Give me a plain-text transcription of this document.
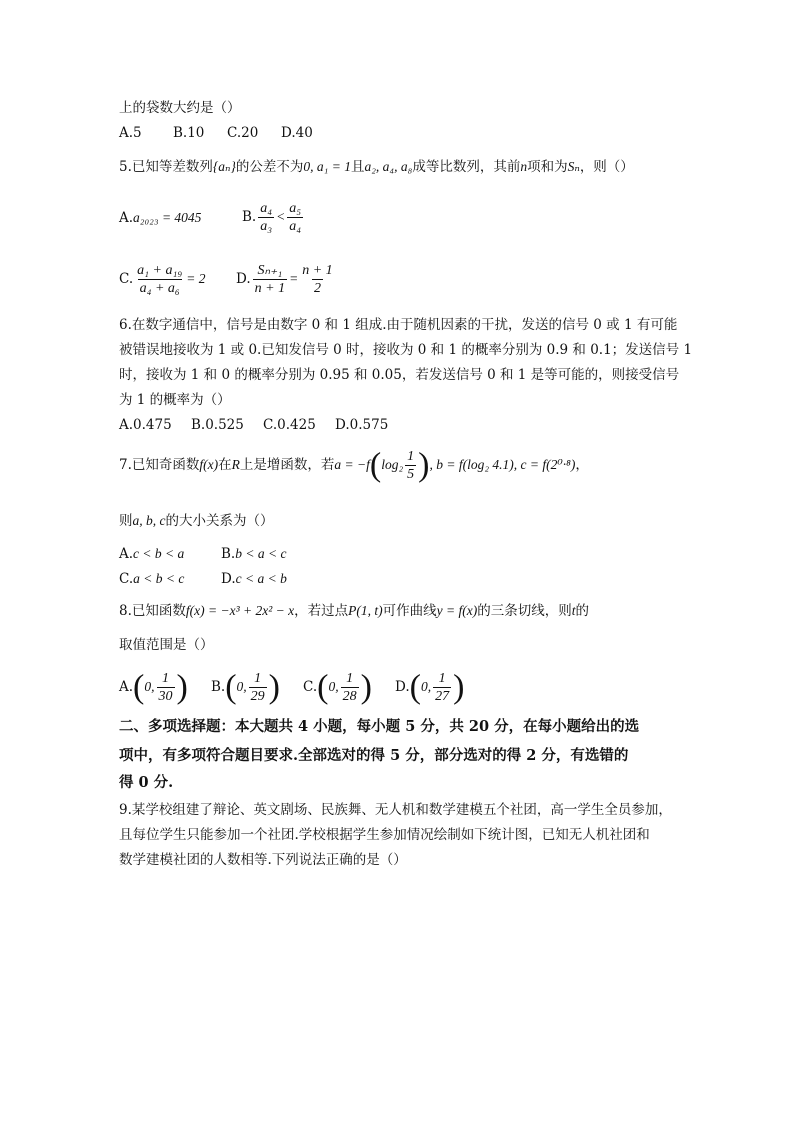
上的袋数大约是（）
A.5 B.10 C.20 D.40
5.已知等差数列{aₙ}的公差不为0, a₁ = 1且a₂, a₄, a₈成等比数列，其前n项和为Sₙ，则（）
A.a₂₀₂₃ = 4045	B. $\frac{\text{a₄}}{\text{a₃}} < \frac{\text{a₅}}{\text{a₄}}$
C. $\frac{\text{a₁ + a₁₉}}{\text{a₄ + a₆}} = 2$ D. $\frac{\text{Sₙ₊₁}}{n + 1} = \frac{n + 1}{2}$
6.在数字通信中，信号是由数字 0 和 1 组成.由于随机因素的干扰，发送的信号 0 或 1 有可能
被错误地接收为 1 或 0.已知发信号 0 时，接收为 0 和 1 的概率分别为 0.9 和 0.1；发送信号 1
时，接收为 1 和 0 的概率分别为 0.95 和 0.05，若发送信号 0 和 1 是等可能的，则接受信号
为 1 的概率为（）
A.0.475 B.0.525 C.0.425 D.0.575
7.已知奇函数f(x)在R上是增函数，若$a = -f(\log_2 \frac{1}{5}$ ), b = f(log₂ 4.1), c = f(2⁰·⁸)，
则a, b, c的大小关系为（）
A.c < b < a	B.b < a < c
C.a < b < c	D.c < a < b
8.已知函数f(x) = −x³ + 2x² − x，若过点P(1, t)可作曲线y = f(x)的三条切线，则t的
取值范围是（）
A.(0, $\frac{1}{30}$ ) B.(0, $\frac{1}{29}$ ) C.(0, $\frac{1}{28}$ ) D.(0, $\frac{1}{27}$ )
二、多项选择题：本大题共 4 小题，每小题 5 分，共 20 分，在每小题给出的选
项中，有多项符合题目要求.全部选对的得 5 分，部分选对的得 2 分，有选错的
得 0 分.
9.某学校组建了辩论、英文剧场、民族舞、无人机和数学建模五个社团，高一学生全员参加，
且每位学生只能参加一个社团.学校根据学生参加情况绘制如下统计图，已知无人机社团和
数学建模社团的人数相等.下列说法正确的是（）
